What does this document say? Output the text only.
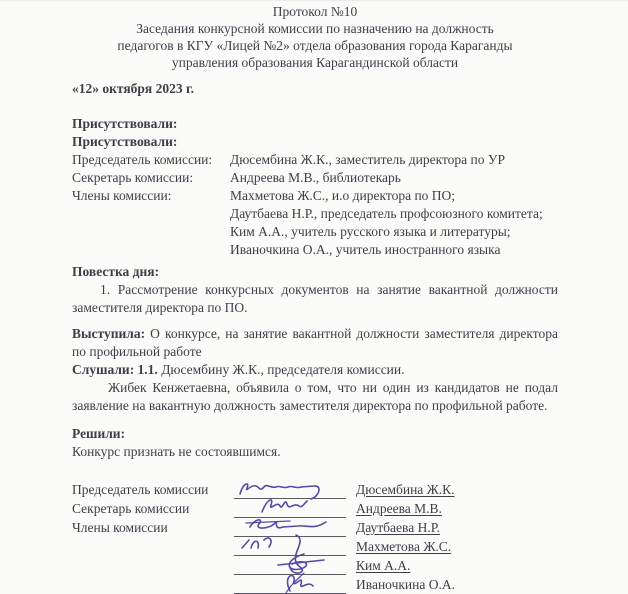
Протокол №10
Заседания конкурсной комиссии по назначению на должность
педагогов в КГУ «Лицей №2» отдела образования города Караганды
управления образования Карагандинской области
«12» октября 2023 г.
Присутствовали:
Присутствовали:
Председатель комиссии:	Дюсембина Ж.К., заместитель директора по УР
Секретарь комиссии:	Андреева М.В., библиотекарь
Члены комиссии:	Махметова Ж.С., и.о директора по ПО;
Даутбаева Н.Р., председатель профсоюзного комитета;
Ким А.А., учитель русского языка и литературы;
Иваночкина О.А., учитель иностранного языка
Повестка дня:

1. Рассмотрение конкурсных документов на занятие вакантной должности заместителя директора по ПО.

Выступила: О конкурсе, на занятие вакантной должности заместителя директора по профильной работе

Слушали: 1.1. Дюсембину Ж.К., председателя комиссии.

Жибек Кенжетаевна, объявила о том, что ни один из кандидатов не подал заявление на вакантную должность заместителя директора по профильной работе.

Решили:
Конкурс признать не состоявшимся.
Председатель комиссии	Дюсембина Ж.К.
Секретарь комиссии	Андреева М.В.
Члены комиссии	Даутбаева Н.Р.
Махметова Ж.С.
Ким А.А.
Иваночкина О.А.
